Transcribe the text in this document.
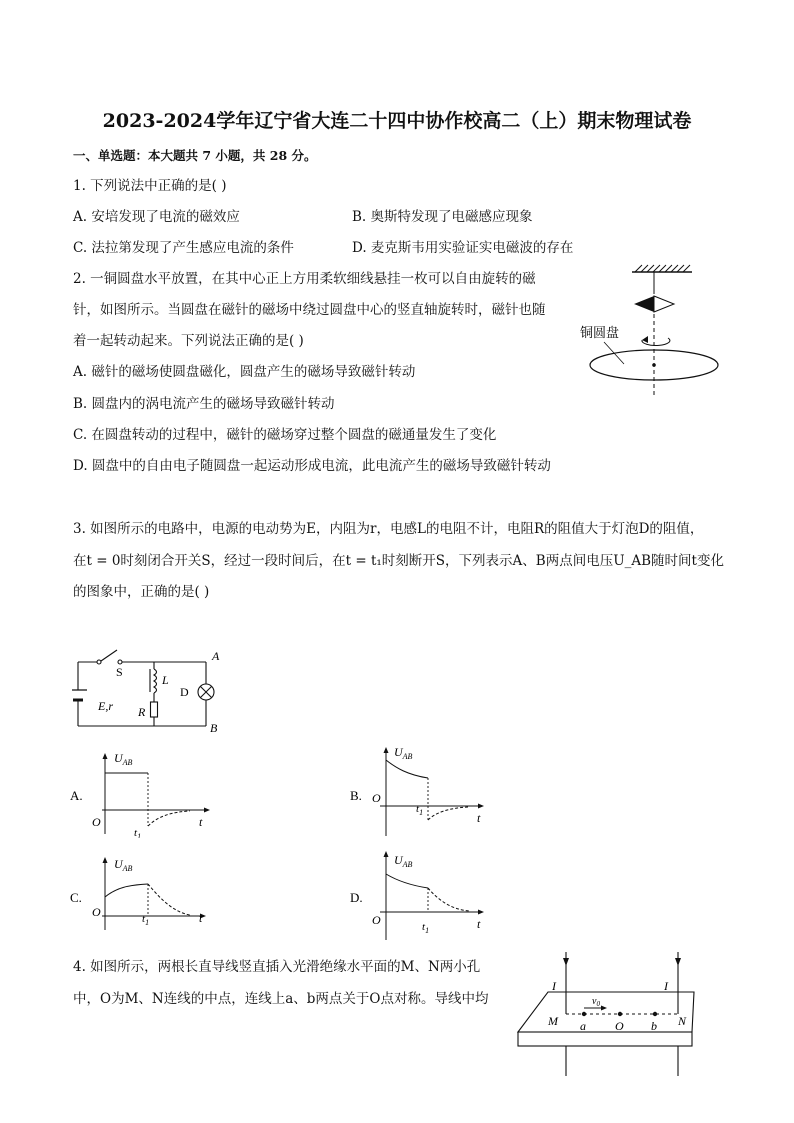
2023-2024学年辽宁省大连二十四中协作校高二（上）期末物理试卷
一、单选题：本大题共 7 小题，共 28 分。
1. 下列说法中正确的是( )
A. 安培发现了电流的磁效应	B. 奥斯特发现了电磁感应现象
C. 法拉第发现了产生感应电流的条件	D. 麦克斯韦用实验证实电磁波的存在
2. 一铜圆盘水平放置，在其中心正上方用柔软细线悬挂一枚可以自由旋转的磁
针，如图所示。当圆盘在磁针的磁场中绕过圆盘中心的竖直轴旋转时，磁针也随
着一起转动起来。下列说法正确的是( )
A. 磁针的磁场使圆盘磁化，圆盘产生的磁场导致磁针转动
B. 圆盘内的涡电流产生的磁场导致磁针转动
C. 在圆盘转动的过程中，磁针的磁场穿过整个圆盘的磁通量发生了变化
D. 圆盘中的自由电子随圆盘一起运动形成电流，此电流产生的磁场导致磁针转动
铜圆盘
3. 如图所示的电路中，电源的电动势为E，内阻为r，电感L的电阻不计，电阻R的阻值大于灯泡D的阻值，
在t = 0时刻闭合开关S，经过一段时间后，在t = t₁时刻断开S，下列表示A、B两点间电压U_AB随时间t变化
的图象中，正确的是( )
S
L
R
D
E,r
A
B
A.
$U_{AB}$
O	t
$t_1$
B.
$U_{AB}$
O
t
$t_1$
C.
$U_{AB}$
O	t
$t_1$
D.
$U_{AB}$
O	t
$t_1$
4. 如图所示，两根长直导线竖直插入光滑绝缘水平面的M、N两小孔
中，O为M、N连线的中点，连线上a、b两点关于O点对称。导线中均
I	I
$v_0$
M a O b N
